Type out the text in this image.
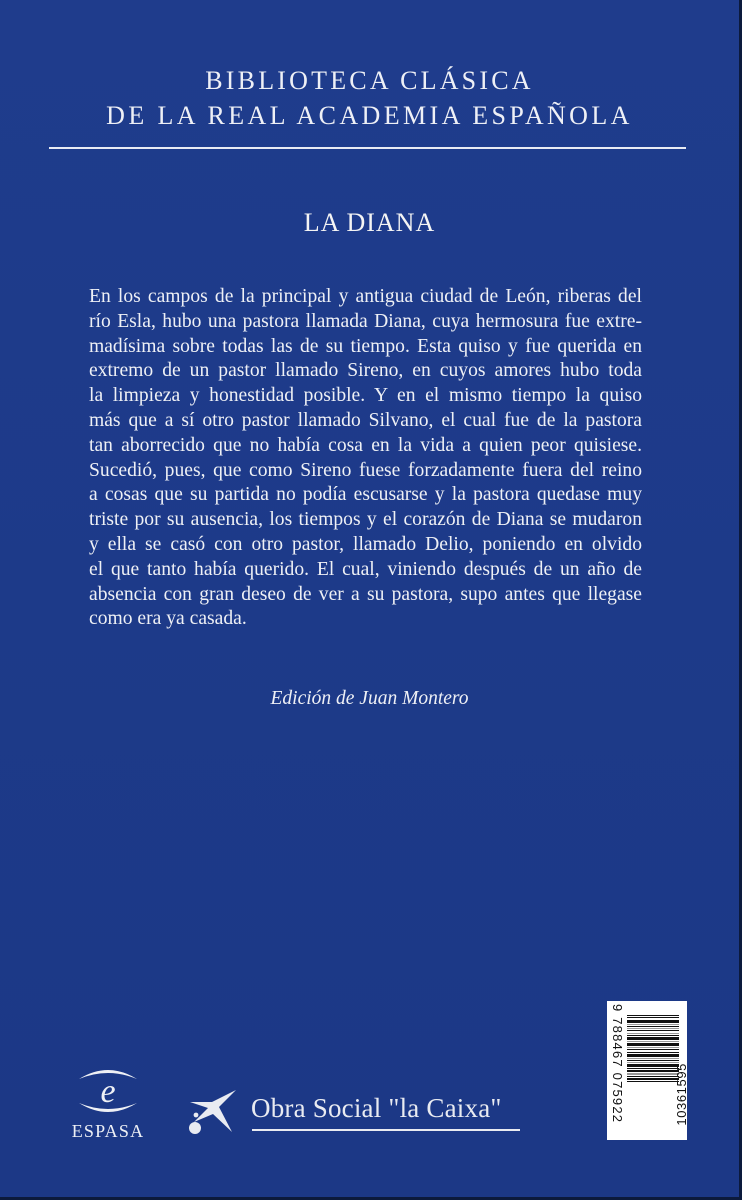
BIBLIOTECA CLÁSICA
DE LA REAL ACADEMIA ESPAÑOLA
LA DIANA
En los campos de la principal y antigua ciudad de León, riberas del
río Esla, hubo una pastora llamada Diana, cuya hermosura fue extre-
madísima sobre todas las de su tiempo. Esta quiso y fue querida en
extremo de un pastor llamado Sireno, en cuyos amores hubo toda
la limpieza y honestidad posible. Y en el mismo tiempo la quiso
más que a sí otro pastor llamado Silvano, el cual fue de la pastora
tan aborrecido que no había cosa en la vida a quien peor quisiese.
Sucedió, pues, que como Sireno fuese forzadamente fuera del reino
a cosas que su partida no podía escusarse y la pastora quedase muy
triste por su ausencia, los tiempos y el corazón de Diana se mudaron
y ella se casó con otro pastor, llamado Delio, poniendo en olvido
el que tanto había querido. El cual, viniendo después de un año de
absencia con gran deseo de ver a su pastora, supo antes que llegase
como era ya casada.
Edición de Juan Montero
e
ESPASA
Obra Social "la Caixa"	9 788467 075922	10361595
